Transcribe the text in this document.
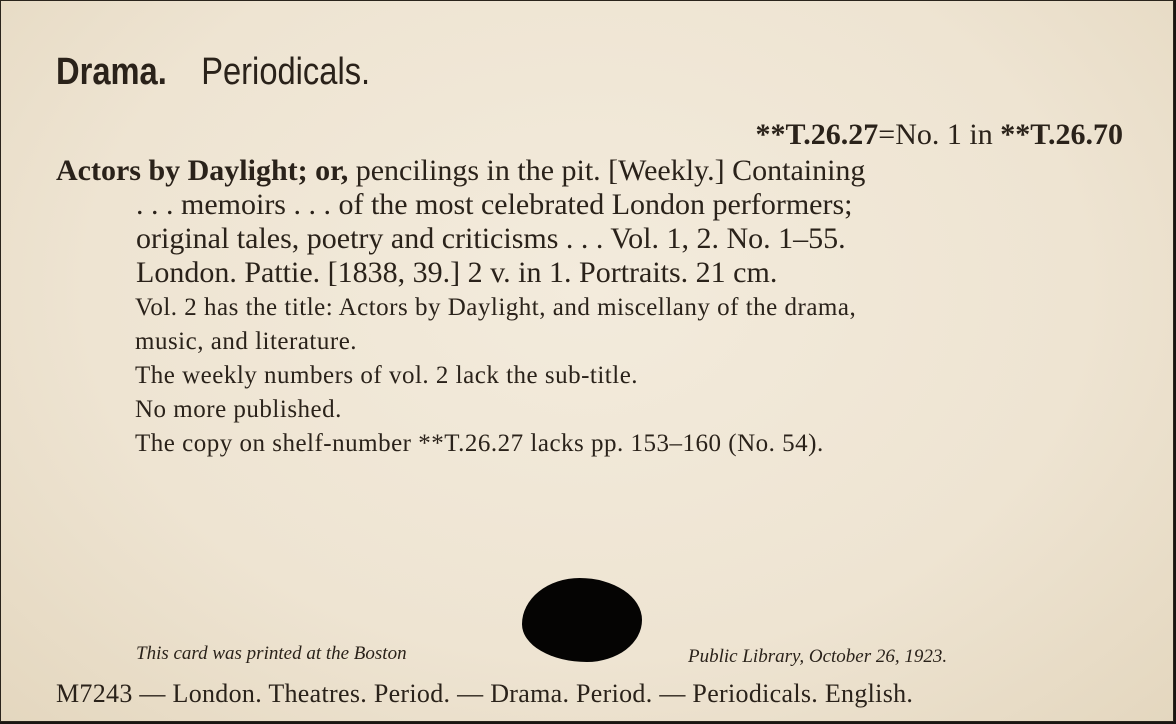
Drama. Periodicals.
**T.26.27=No. 1 in **T.26.70
Actors by Daylight; or, pencilings in the pit. [Weekly.] Containing
. . . memoirs . . . of the most celebrated London performers;
original tales, poetry and criticisms . . . Vol. 1, 2. No. 1–55.
London. Pattie. [1838, 39.] 2 v. in 1. Portraits. 21 cm.
Vol. 2 has the title: Actors by Daylight, and miscellany of the drama,
music, and literature.
The weekly numbers of vol. 2 lack the sub-title.
No more published.
The copy on shelf-number **T.26.27 lacks pp. 153–160 (No. 54).
This card was printed at the Boston	Public Library, October 26, 1923.
M7243 — London. Theatres. Period. — Drama. Period. — Periodicals. English.
